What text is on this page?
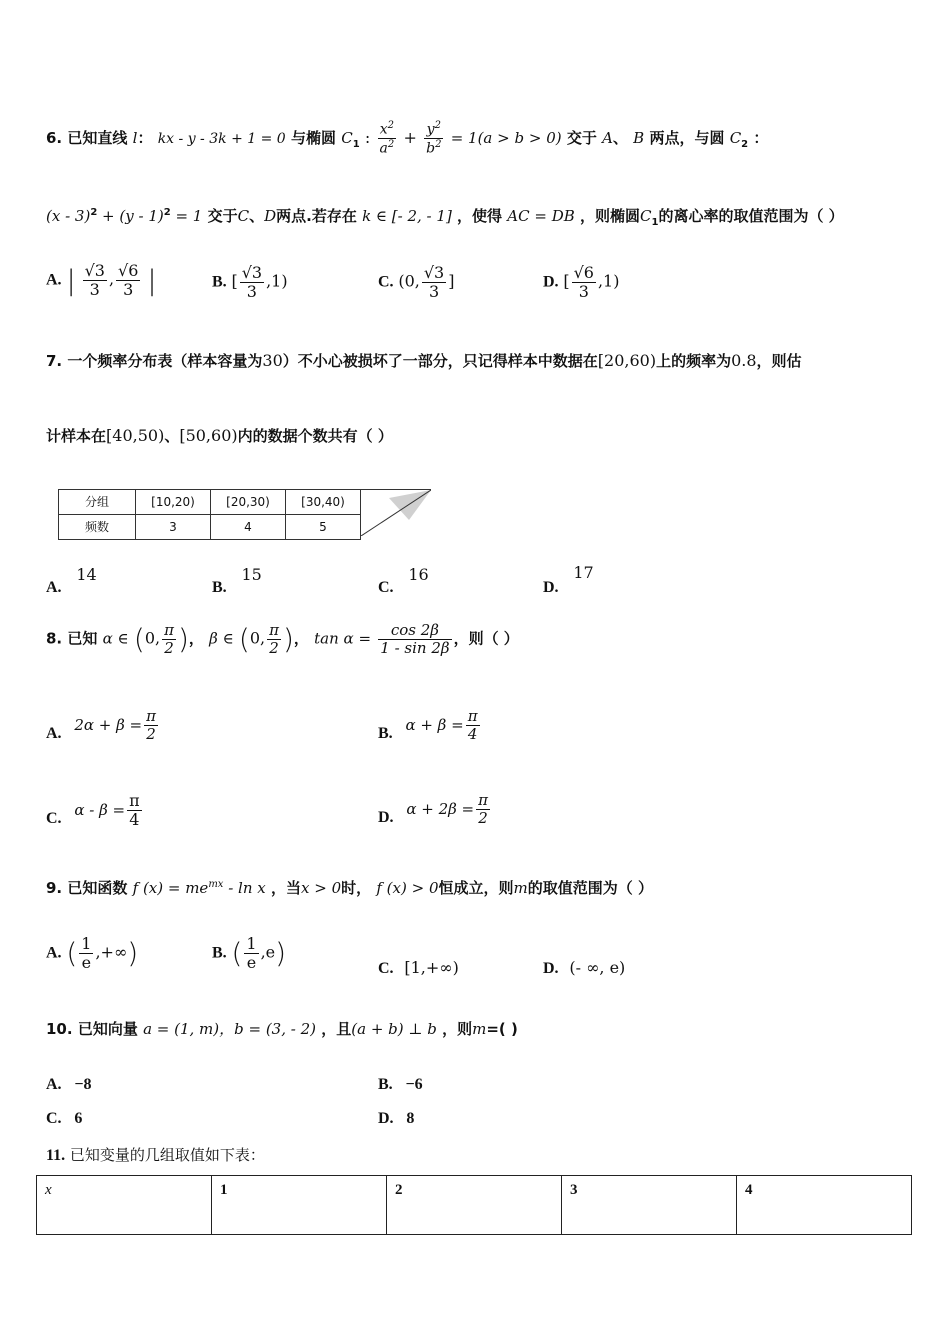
6. 已知直线 l： kx - y - 3k + 1 = 0 与椭圆 $C_1$ : $\frac{x^2}{a^2} + \frac{y^2}{b^2} = 1(a > b > 0)$ 交于 A、 B 两点，与圆 $C_2$ ：
(x - 3)$^2$ + (y - 1)$^2$ = 1 交于C、D两点.若存在 k ∈ [- 2, - 1] ，使得 AC = DB ，则椭圆$C_1$的离心率的取值范围为（ ）
A. | $\frac{√3}{3}$ , $\frac{√6}{3}$ |	B. [ $\frac{√3}{3} ,1$)	C. (0, $\frac{√3}{3}$ ]	D. [ $\frac{√6}{3} ,1$)
7. 一个频率分布表（样本容量为30）不小心被损坏了一部分，只记得样本中数据在[20,60)上的频率为0.8，则估
计样本在[40,50)、[50,60)内的数据个数共有（ ）
分组	[10,20)	[20,30)	[30,40)	
频数	3	4	5	
A. 14
B. 15
C. 16
D. 17
8. 已知 α ∈ (0, $\frac{\pi}{2}$ )， β ∈ (0, $\frac{\pi}{2}$ )， $\tan \alpha = \frac{\cos 2\beta}{1 - \sin 2\beta}$ ，则（ ）
A. $2\alpha + \beta = \frac{\pi}{2}$	B. $\alpha + \beta = \frac{\pi}{4}$
C. $\alpha - \beta = \frac{\pi}{4}$	D. $\alpha + 2\beta = \frac{\pi}{2}$
9. 已知函数 f $(x) = me^{mx} - \ln x$ ，当x > 0时， f (x) > 0恒成立，则m的取值范围为（ ）
A. ( $\frac{1}{e}$ ,+∞)	B. ( $\frac{1}{e} ,e$)	C. [1,+∞)	D. (- ∞, e)
10. 已知向量 a = (1, m)，b = (3, - 2) ，且(a + b) ⊥ b ，则m=( )
A. −8	B. −6
C. 6	D. 8
11. 已知变量的几组取值如下表：
x	1	2	3	4
